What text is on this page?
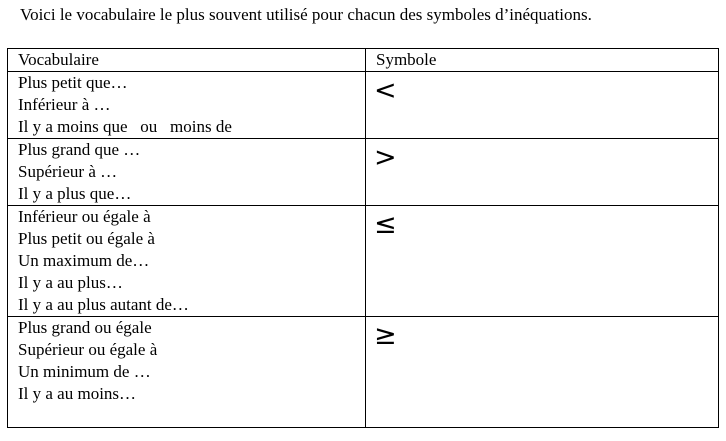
Voici le vocabulaire le plus souvent utilisé pour chacun des symboles d’inéquations.
Vocabulaire	Symbole

Plus petit que…
Inférieur à …
Il y a moins que   ou   moins de	<

Plus grand que …
Supérieur à …
Il y a plus que…	>

Inférieur ou égale à
Plus petit ou égale à
Un maximum de…
Il y a au plus…
Il y a au plus autant de…	≤

Plus grand ou égale
Supérieur ou égale à
Un minimum de …
Il y a au moins…	≥
